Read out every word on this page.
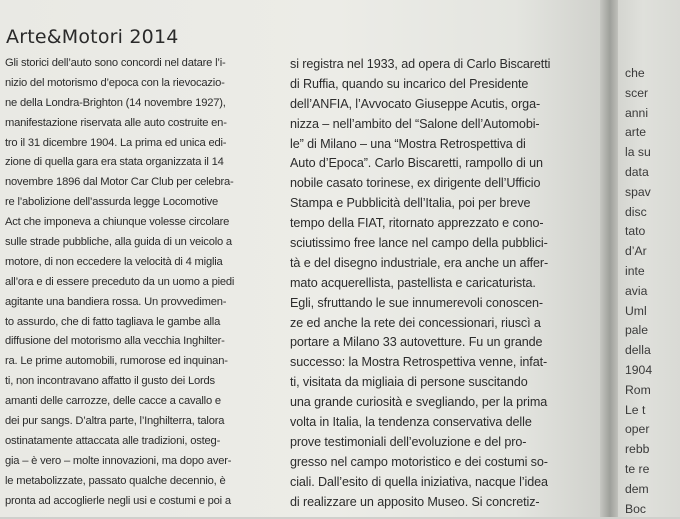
Arte&Motori 2014
Gli storici dell’auto sono concordi nel datare l’i-
nizio del motorismo d’epoca con la rievocazio-
ne della Londra-Brighton (14 novembre 1927),
manifestazione riservata alle auto costruite en-
tro il 31 dicembre 1904. La prima ed unica edi-
zione di quella gara era stata organizzata il 14
novembre 1896 dal Motor Car Club per celebra-
re l’abolizione dell’assurda legge Locomotive
Act che imponeva a chiunque volesse circolare
sulle strade pubbliche, alla guida di un veicolo a
motore, di non eccedere la velocità di 4 miglia
all’ora e di essere preceduto da un uomo a piedi
agitante una bandiera rossa. Un provvedimen-
to assurdo, che di fatto tagliava le gambe alla
diffusione del motorismo alla vecchia Inghilter-
ra. Le prime automobili, rumorose ed inquinan-
ti, non incontravano affatto il gusto dei Lords
amanti delle carrozze, delle cacce a cavallo e
dei pur sangs. D’altra parte, l’Inghilterra, talora
ostinatamente attaccata alle tradizioni, osteg-
gia – è vero – molte innovazioni, ma dopo aver-
le metabolizzate, passato qualche decennio, è
pronta ad accoglierle negli usi e costumi e poi a
si registra nel 1933, ad opera di Carlo Biscaretti
di Ruffia, quando su incarico del Presidente
dell’ANFIA, l’Avvocato Giuseppe Acutis, orga-
nizza – nell’ambito del “Salone dell’Automobi-
le” di Milano – una “Mostra Retrospettiva di
Auto d’Epoca”. Carlo Biscaretti, rampollo di un
nobile casato torinese, ex dirigente dell’Ufficio
Stampa e Pubblicità dell’Italia, poi per breve
tempo della FIAT, ritornato apprezzato e cono-
sciutissimo free lance nel campo della pubblici-
tà e del disegno industriale, era anche un affer-
mato acquerellista, pastellista e caricaturista.
Egli, sfruttando le sue innumerevoli conoscen-
ze ed anche la rete dei concessionari, riuscì a
portare a Milano 33 autovetture. Fu un grande
successo: la Mostra Retrospettiva venne, infat-
ti, visitata da migliaia di persone suscitando
una grande curiosità e svegliando, per la prima
volta in Italia, la tendenza conservativa delle
prove testimoniali dell’evoluzione e del pro-
gresso nel campo motoristico e dei costumi so-
ciali. Dall’esito di quella iniziativa, nacque l’idea
di realizzare un apposito Museo. Si concretiz-
che
scer
anni
arte
la su
data
spav
disc
tato
d’Ar
inte
avia
Uml
pale
della
1904
Rom
Le t
oper
rebb
te re
dem
Boc
